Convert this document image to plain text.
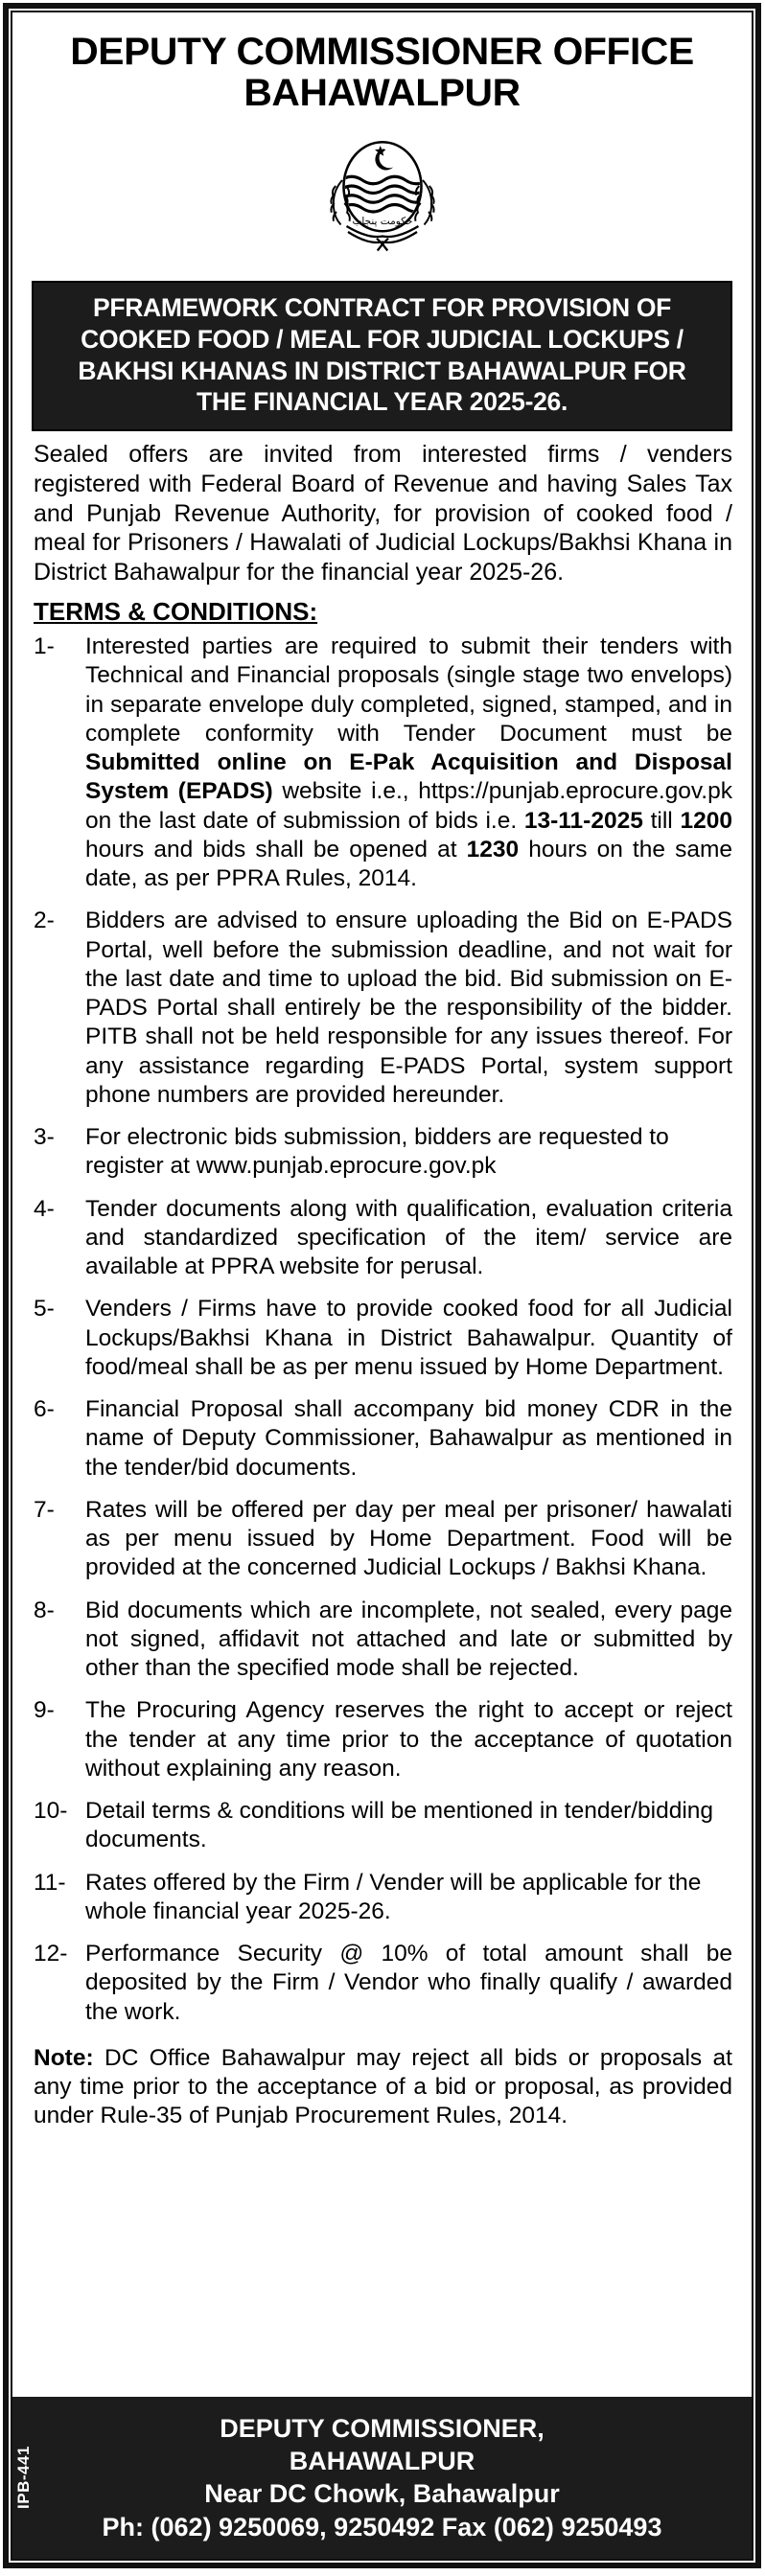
DEPUTY COMMISSIONER OFFICE
BAHAWALPUR
حکومت پنجاب
PFRAMEWORK CONTRACT FOR PROVISION OF
COOKED FOOD / MEAL FOR JUDICIAL LOCKUPS /
BAKHSI KHANAS IN DISTRICT BAHAWALPUR FOR
THE FINANCIAL YEAR 2025-26.

Sealed offers are invited from interested firms / venders registered with Federal Board of Revenue and having Sales Tax and Punjab Revenue Authority, for provision of cooked food / meal for Prisoners / Hawalati of Judicial Lockups/Bakhsi Khana in District Bahawalpur for the financial year 2025-26.

TERMS & CONDITIONS:
1-	Interested parties are required to submit their tenders with Technical and Financial proposals (single stage two envelops) in separate envelope duly completed, signed, stamped, and in complete conformity with Tender Document must be Submitted online on E-Pak Acquisition and Disposal System (EPADS) website i.e., https://punjab.eprocure.gov.pk on the last date of submission of bids i.e. 13-11-2025 till 1200 hours and bids shall be opened at 1230 hours on the same date, as per PPRA Rules, 2014.
2-	Bidders are advised to ensure uploading the Bid on E-PADS Portal, well before the submission deadline, and not wait for the last date and time to upload the bid. Bid submission on E-PADS Portal shall entirely be the responsibility of the bidder. PITB shall not be held responsible for any issues thereof. For any assistance regarding E-PADS Portal, system support phone numbers are provided hereunder.
3-	For electronic bids submission, bidders are requested to register at www.punjab.eprocure.gov.pk
4-	Tender documents along with qualification, evaluation criteria and standardized specification of the item/ service are available at PPRA website for perusal.
5-	Venders / Firms have to provide cooked food for all Judicial Lockups/Bakhsi Khana in District Bahawalpur. Quantity of food/meal shall be as per menu issued by Home Department.
6-	Financial Proposal shall accompany bid money CDR in the name of Deputy Commissioner, Bahawalpur as mentioned in the tender/bid documents.
7-	Rates will be offered per day per meal per prisoner/ hawalati as per menu issued by Home Department. Food will be provided at the concerned Judicial Lockups / Bakhsi Khana.
8-	Bid documents which are incomplete, not sealed, every page not signed, affidavit not attached and late or submitted by other than the specified mode shall be rejected.
9-	The Procuring Agency reserves the right to accept or reject the tender at any time prior to the acceptance of quotation without explaining any reason.
10- Detail terms & conditions will be mentioned in tender/bidding documents.
11- Rates offered by the Firm / Vender will be applicable for the whole financial year 2025-26.
12- Performance Security @ 10% of total amount shall be deposited by the Firm / Vendor who finally qualify / awarded the work.

Note: DC Office Bahawalpur may reject all bids or proposals at any time prior to the acceptance of a bid or proposal, as provided under Rule-35 of Punjab Procurement Rules, 2014.

IPB-441
DEPUTY COMMISSIONER,
BAHAWALPUR
Near DC Chowk, Bahawalpur
Ph: (062) 9250069, 9250492 Fax (062) 9250493
